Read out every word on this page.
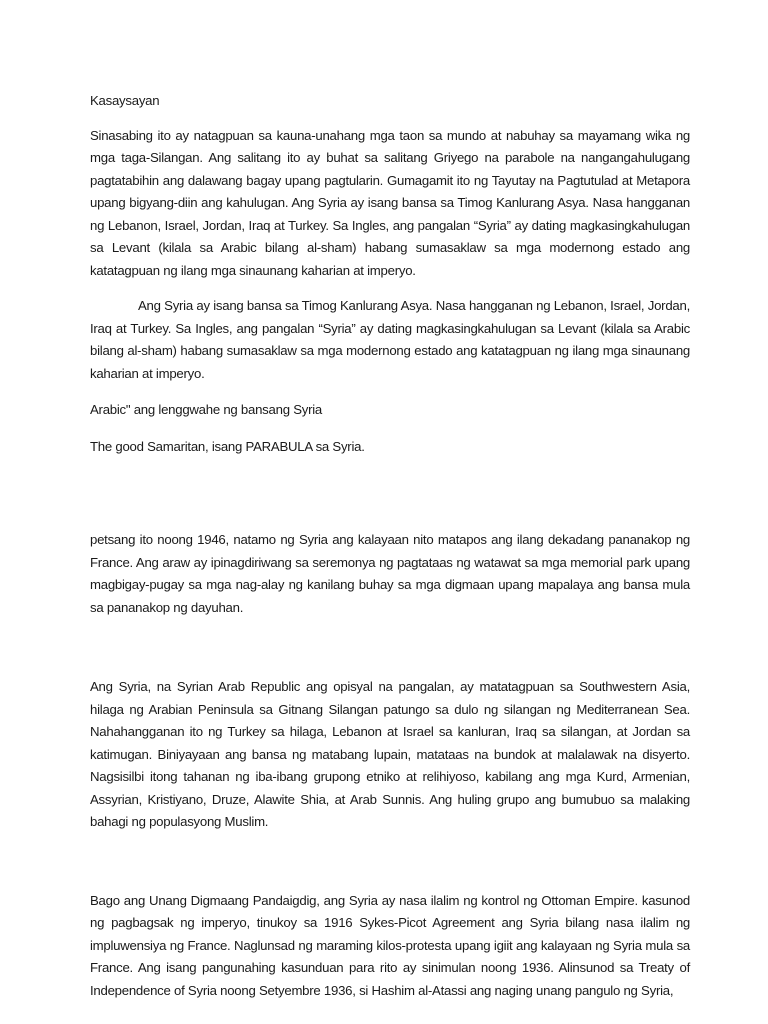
Kasaysayan

Sinasabing ito ay natagpuan sa kauna-unahang mga taon sa mundo at nabuhay sa mayamang wika ng mga taga-Silangan. Ang salitang ito ay buhat sa salitang Griyego na parabole na nangangahulugang pagtatabihin ang dalawang bagay upang pagtularin. Gumagamit ito ng Tayutay na Pagtutulad at Metapora upang bigyang-diin ang kahulugan. Ang Syria ay isang bansa sa Timog Kanlurang Asya. Nasa hangganan ng Lebanon, Israel, Jordan, Iraq at Turkey. Sa Ingles, ang pangalan “Syria” ay dating magkasingkahulugan sa Levant (kilala sa Arabic bilang al-sham) habang sumasaklaw sa mga modernong estado ang katatagpuan ng ilang mga sinaunang kaharian at imperyo.

Ang Syria ay isang bansa sa Timog Kanlurang Asya. Nasa hangganan ng Lebanon, Israel, Jordan, Iraq at Turkey. Sa Ingles, ang pangalan “Syria” ay dating magkasingkahulugan sa Levant (kilala sa Arabic bilang al-sham) habang sumasaklaw sa mga modernong estado ang katatagpuan ng ilang mga sinaunang kaharian at imperyo.

Arabic" ang lenggwahe ng bansang Syria

The good Samaritan, isang PARABULA sa Syria.

petsang ito noong 1946, natamo ng Syria ang kalayaan nito matapos ang ilang dekadang pananakop ng France. Ang araw ay ipinagdiriwang sa seremonya ng pagtataas ng watawat sa mga memorial park upang magbigay-pugay sa mga nag-alay ng kanilang buhay sa mga digmaan upang mapalaya ang bansa mula sa pananakop ng dayuhan.

Ang Syria, na Syrian Arab Republic ang opisyal na pangalan, ay matatagpuan sa Southwestern Asia, hilaga ng Arabian Peninsula sa Gitnang Silangan patungo sa dulo ng silangan ng Mediterranean Sea. Nahahangganan ito ng Turkey sa hilaga, Lebanon at Israel sa kanluran, Iraq sa silangan, at Jordan sa katimugan. Biniyayaan ang bansa ng matabang lupain, matataas na bundok at malalawak na disyerto. Nagsisilbi itong tahanan ng iba-ibang grupong etniko at relihiyoso, kabilang ang mga Kurd, Armenian, Assyrian, Kristiyano, Druze, Alawite Shia, at Arab Sunnis. Ang huling grupo ang bumubuo sa malaking bahagi ng populasyong Muslim.

Bago ang Unang Digmaang Pandaigdig, ang Syria ay nasa ilalim ng kontrol ng Ottoman Empire. kasunod ng pagbagsak ng imperyo, tinukoy sa 1916 Sykes-Picot Agreement ang Syria bilang nasa ilalim ng impluwensiya ng France. Naglunsad ng maraming kilos-protesta upang igiit ang kalayaan ng Syria mula sa France. Ang isang pangunahing kasunduan para rito ay sinimulan noong 1936. Alinsunod sa Treaty of Independence of Syria noong Setyembre 1936, si Hashim al-Atassi ang naging unang pangulo ng Syria,
